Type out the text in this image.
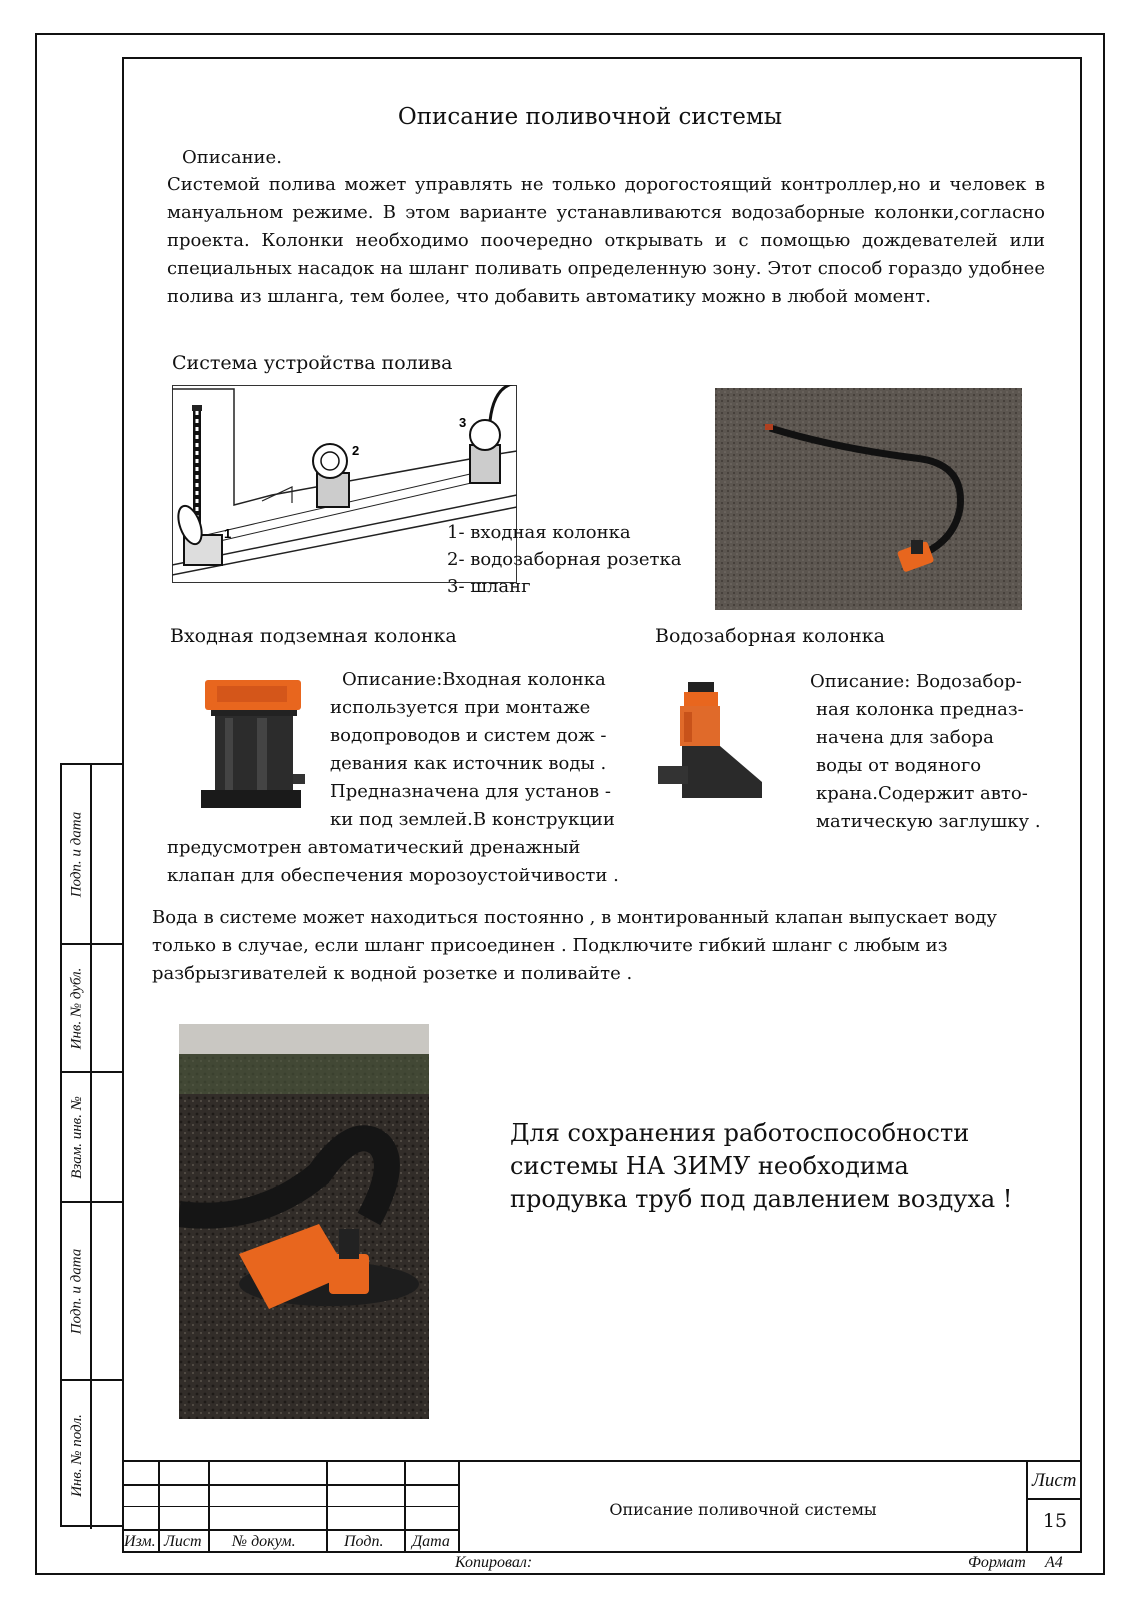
Описание поливочной системы
Описание.
Системой полива может управлять не только дорогостоящий контроллер,но и человек в мануальном режиме. В этом варианте устанавливаются водозаборные колонки,согласно проекта. Колонки необходимо поочередно открывать и с помощью дождевателей или специальных насадок на шланг поливать определенную зону. Этот способ гораздо удобнее полива из шланга, тем более, что добавить автоматику можно в любой момент.
Система устройства полива
1
2
3
1- входная колонка
2- водозаборная розетка
3- шланг
Входная подземная колонка
Описание:Входная колонка
используется при монтаже
водопроводов и систем дож -
девания как источник воды .
Предназначена для установ -
ки под землей.В конструкции
предусмотрен автоматический дренажный
клапан для обеспечения морозоустойчивости .
Водозаборная колонка
Описание: Водозабор-
ная колонка предназ-
начена для забора
воды от водяного
крана.Содержит авто-
матическую заглушку .
Вода в системе может находиться постоянно , в монтированный клапан выпускает воду только в случае, если шланг присоединен . Подключите гибкий шланг с любым из разбрызгивателей к водной розетке и поливайте .
Для сохранения работоспособности
системы НА ЗИМУ необходима
продувка труб под давлением воздуха !
Подп. и дата
Инв. № дубл.
Взам. инв. №
Подп. и дата
Инв. № подл.
Изм. Лист № докум.	Подп. Дата
Описание поливочной системы
Лист
15
Копировал:	Формат А4
